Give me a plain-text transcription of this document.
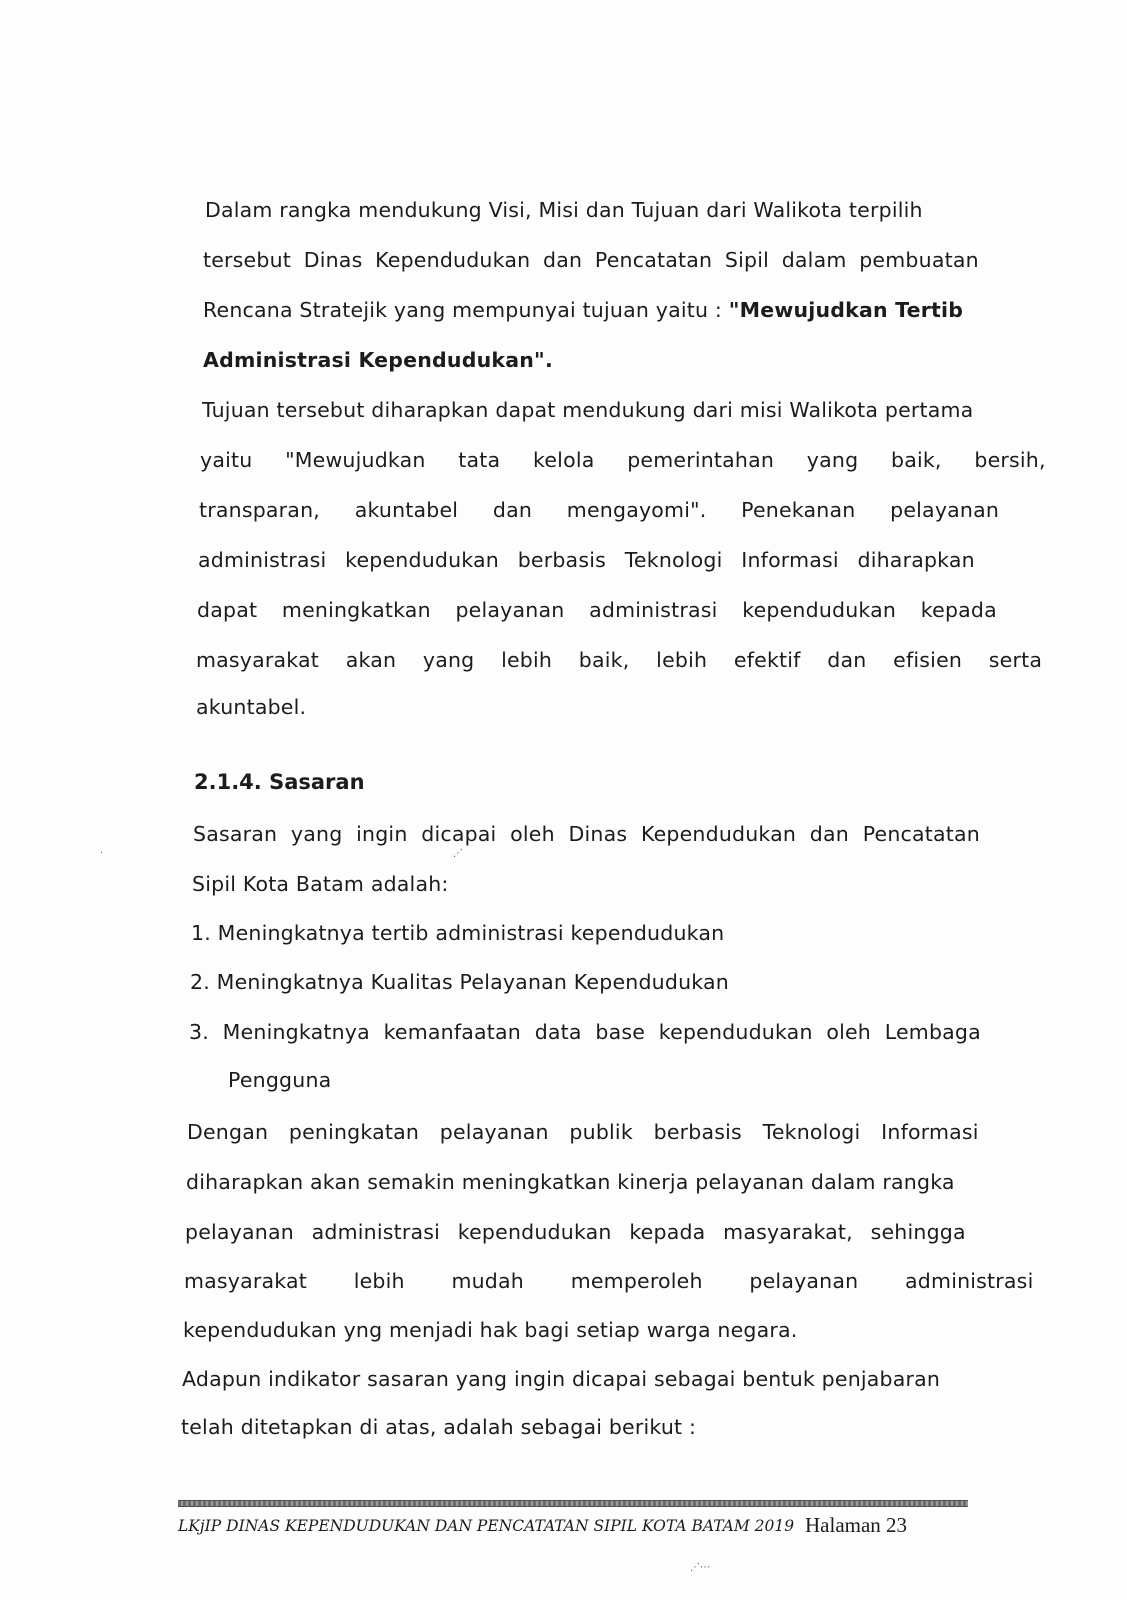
Dalam rangka mendukung Visi, Misi dan Tujuan dari Walikota terpilih
tersebut Dinas Kependudukan dan Pencatatan Sipil dalam pembuatan
Rencana Stratejik yang mempunyai tujuan yaitu : "Mewujudkan Tertib
Administrasi Kependudukan".
Tujuan tersebut diharapkan dapat mendukung dari misi Walikota pertama
yaitu "Mewujudkan tata kelola pemerintahan yang baik, bersih,
transparan, akuntabel dan mengayomi". Penekanan pelayanan
administrasi kependudukan berbasis Teknologi Informasi diharapkan
dapat meningkatkan pelayanan administrasi kependudukan kepada
masyarakat akan yang lebih baik, lebih efektif dan efisien serta
akuntabel.
2.1.4. Sasaran
Sasaran yang ingin dicapai oleh Dinas Kependudukan dan Pencatatan
Sipil Kota Batam adalah:
1. Meningkatnya tertib administrasi kependudukan
2. Meningkatnya Kualitas Pelayanan Kependudukan
3. Meningkatnya kemanfaatan data base kependudukan oleh Lembaga
Pengguna
Dengan peningkatan pelayanan publik berbasis Teknologi Informasi
diharapkan akan semakin meningkatkan kinerja pelayanan dalam rangka
pelayanan administrasi kependudukan kepada masyarakat, sehingga
masyarakat lebih mudah memperoleh pelayanan administrasi
kependudukan yng menjadi hak bagi setiap warga negara.
Adapun indikator sasaran yang ingin dicapai sebagai bentuk penjabaran
telah ditetapkan di atas, adalah sebagai berikut :
LKjIP DINAS KEPENDUDUKAN DAN PENCATATAN SIPIL KOTA BATAM 2019 Halaman 23
⋰
·
⋰⋯
